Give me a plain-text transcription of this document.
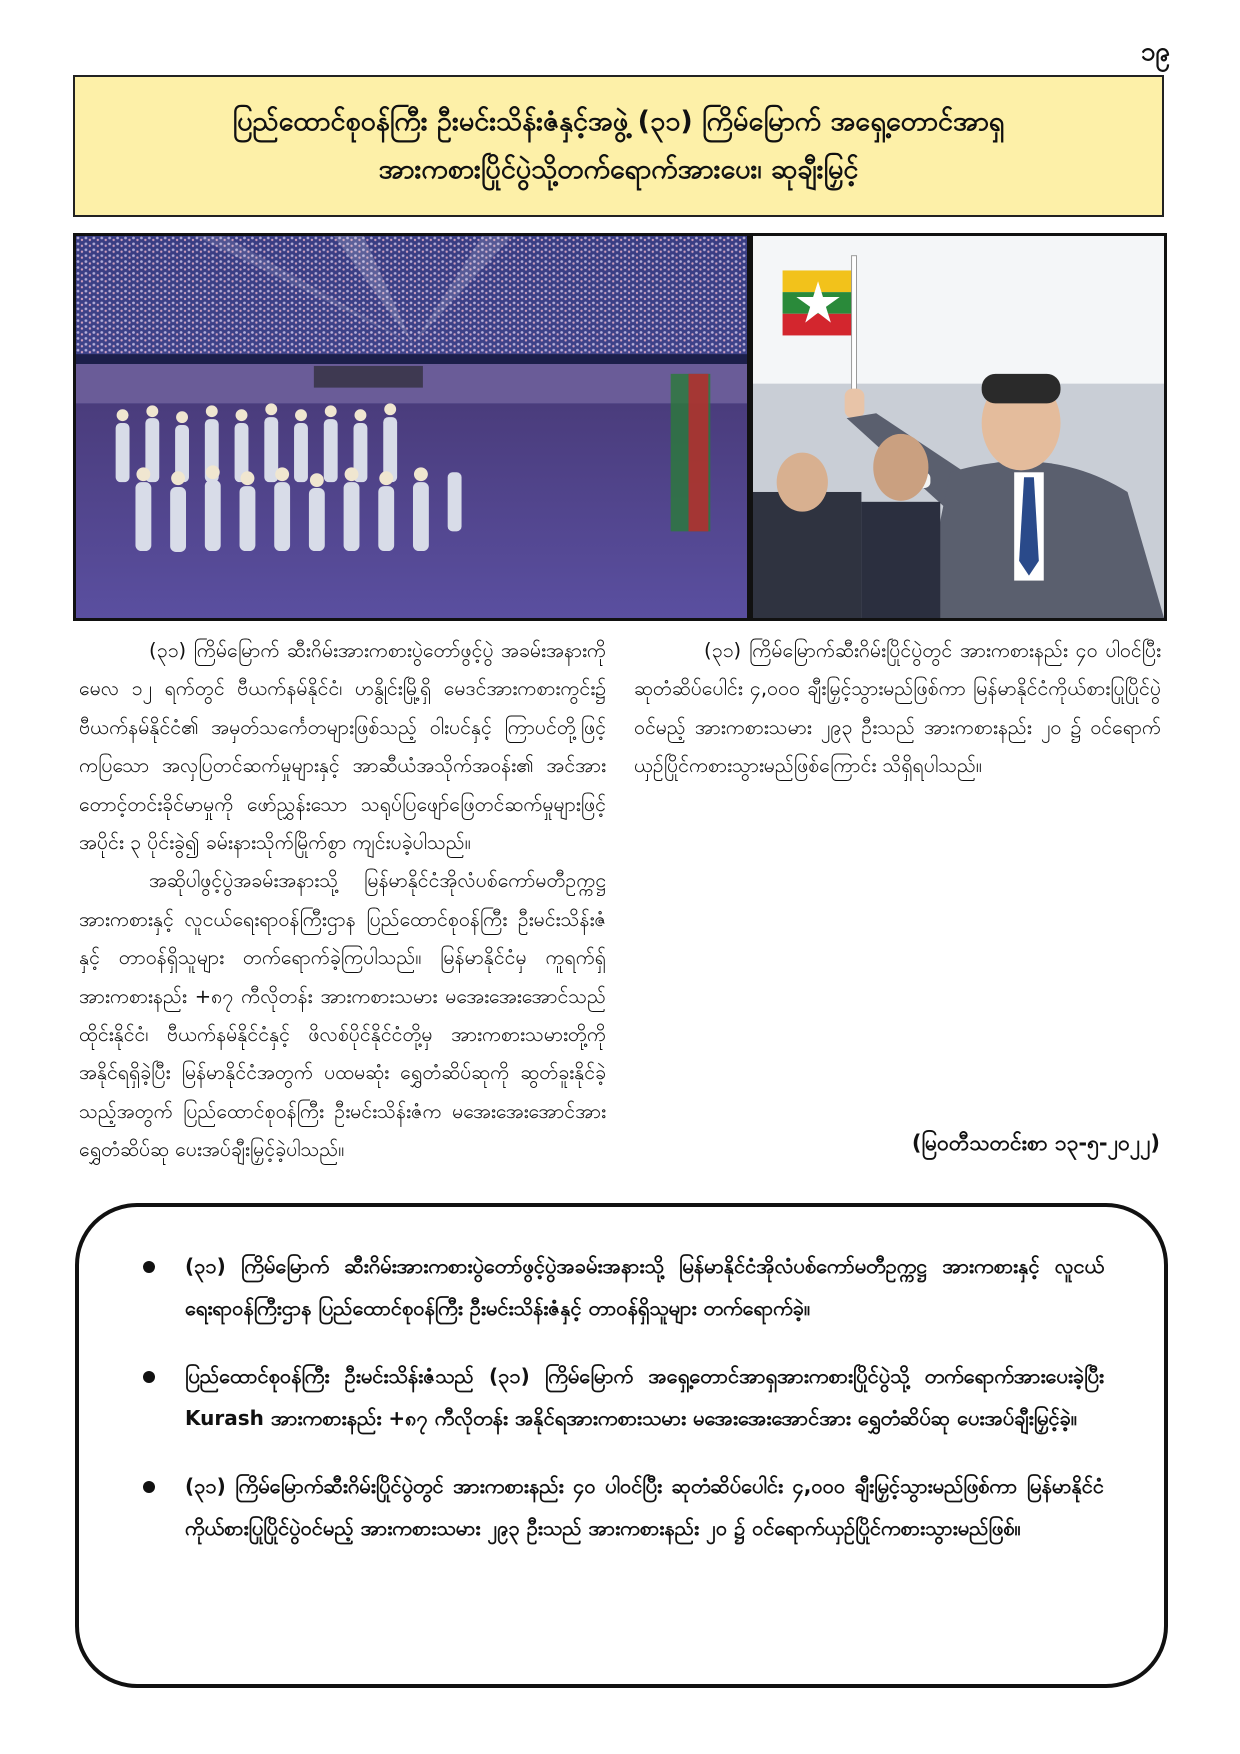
၁၉
ပြည်ထောင်စုဝန်ကြီး ဦးမင်းသိန်းဇံနှင့်အဖွဲ့ (၃၁) ကြိမ်မြောက် အရှေ့တောင်အာရှ
အားကစားပြိုင်ပွဲသို့တက်ရောက်အားပေး၊ ဆုချီးမြှင့်

(၃၁) ကြိမ်မြောက် ဆီးဂိမ်းအားကစားပွဲတော်ဖွင့်ပွဲ အခမ်းအနားကို မေလ ၁၂ ရက်တွင် ဗီယက်နမ်နိုင်ငံ၊ ဟနွိုင်းမြို့ရှိ မေဒင်အားကစားကွင်း၌ ဗီယက်နမ်နိုင်ငံ၏ အမှတ်သင်္ကေတများဖြစ်သည့် ဝါးပင်နှင့် ကြာပင်တို့ဖြင့် ကပြသော အလှပြတင်ဆက်မှုများနှင့် အာဆီယံအသိုက်အဝန်း၏ အင်အားတောင့်တင်းခိုင်မာမှုကို ဖော်ညွှန်းသော သရုပ်ပြဖျော်ဖြေတင်ဆက်မှုများဖြင့် အပိုင်း ၃ ပိုင်းခွဲ၍ ခမ်းနားသိုက်မြိုက်စွာ ကျင်းပခဲ့ပါသည်။

အဆိုပါဖွင့်ပွဲအခမ်းအနားသို့ မြန်မာနိုင်ငံအိုလံပစ်ကော်မတီဥက္ကဋ္ဌ အားကစားနှင့် လူငယ်ရေးရာဝန်ကြီးဌာန ပြည်ထောင်စုဝန်ကြီး ဦးမင်းသိန်းဇံနှင့် တာဝန်ရှိသူများ တက်ရောက်ခဲ့ကြပါသည်။ မြန်မာနိုင်ငံမှ ကူရက်ရှ်အားကစားနည်း +၈၇ ကီလိုတန်း အားကစားသမား မအေးအေးအောင်သည် ထိုင်းနိုင်ငံ၊ ဗီယက်နမ်နိုင်ငံနှင့် ဖိလစ်ပိုင်နိုင်ငံတို့မှ အားကစားသမားတို့ကိုအနိုင်ရရှိခဲ့ပြီး မြန်မာနိုင်ငံအတွက် ပထမဆုံး ရွှေတံဆိပ်ဆုကို ဆွတ်ခူးနိုင်ခဲ့သည့်အတွက် ပြည်ထောင်စုဝန်ကြီး ဦးမင်းသိန်းဇံက မအေးအေးအောင်အား ရွှေတံဆိပ်ဆု ပေးအပ်ချီးမြှင့်ခဲ့ပါသည်။

(၃၁) ကြိမ်မြောက်ဆီးဂိမ်းပြိုင်ပွဲတွင် အားကစားနည်း ၄၀ ပါဝင်ပြီး ဆုတံဆိပ်ပေါင်း ၄,၀၀၀ ချီးမြှင့်သွားမည်ဖြစ်ကာ မြန်မာနိုင်ငံကိုယ်စားပြုပြိုင်ပွဲဝင်မည့် အားကစားသမား ၂၉၃ ဦးသည် အားကစားနည်း ၂၀ ၌ ဝင်ရောက်ယှဉ်ပြိုင်ကစားသွားမည်ဖြစ်ကြောင်း သိရှိရပါသည်။

(မြဝတီသတင်းစာ ၁၃-၅-၂၀၂၂)
(၃၁) ကြိမ်မြောက် ဆီးဂိမ်းအားကစားပွဲတော်ဖွင့်ပွဲအခမ်းအနားသို့ မြန်မာနိုင်ငံအိုလံပစ်ကော်မတီဥက္ကဋ္ဌ အားကစားနှင့် လူငယ်ရေးရာဝန်ကြီးဌာန ပြည်ထောင်စုဝန်ကြီး ဦးမင်းသိန်းဇံနှင့် တာဝန်ရှိသူများ တက်ရောက်ခဲ့။
ပြည်ထောင်စုဝန်ကြီး ဦးမင်းသိန်းဇံသည် (၃၁) ကြိမ်မြောက် အရှေ့တောင်အာရှအားကစားပြိုင်ပွဲသို့ တက်ရောက်အားပေးခဲ့ပြီး Kurash အားကစားနည်း +၈၇ ကီလိုတန်း အနိုင်ရအားကစားသမား မအေးအေးအောင်အား ရွှေတံဆိပ်ဆု ပေးအပ်ချီးမြှင့်ခဲ့။
(၃၁) ကြိမ်မြောက်ဆီးဂိမ်းပြိုင်ပွဲတွင် အားကစားနည်း ၄၀ ပါဝင်ပြီး ဆုတံဆိပ်ပေါင်း ၄,၀၀၀ ချီးမြှင့်သွားမည်ဖြစ်ကာ မြန်မာနိုင်ငံကိုယ်စားပြုပြိုင်ပွဲဝင်မည့် အားကစားသမား ၂၉၃ ဦးသည် အားကစားနည်း ၂၀ ၌ ဝင်ရောက်ယှဉ်ပြိုင်ကစားသွားမည်ဖြစ်။
